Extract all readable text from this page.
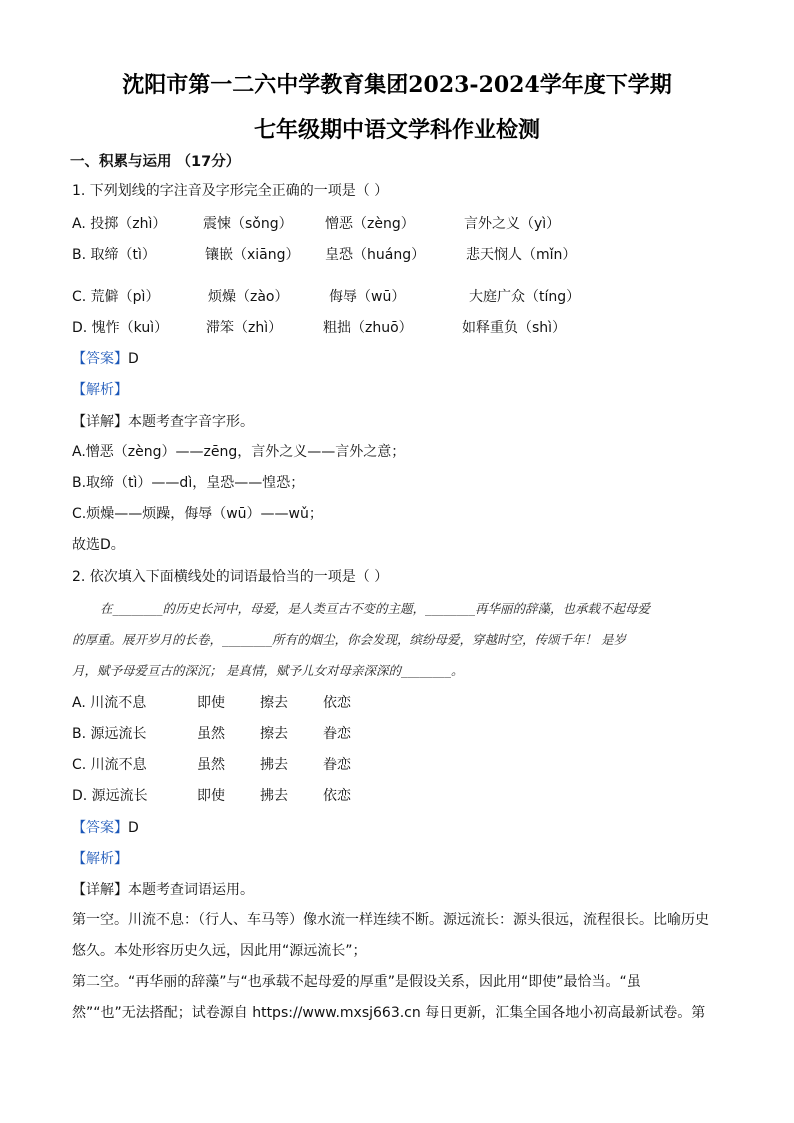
沈阳市第一二六中学教育集团2023-2024学年度下学期
七年级期中语文学科作业检测
一、积累与运用 （17分）
1. 下列划线的字注音及字形完全正确的一项是（ ）
A. 投掷（zhì）	震悚（sǒng） 憎恶（zèng）	言外之义（yì）
B. 取缔（tì）	镶嵌（xiāng） 皇恐（huáng）	悲天悯人（mǐn）
C. 荒僻（pì）	烦燥（zào）	侮辱（wū）	大庭广众（tíng）
D. 愧怍（kuì）	滞笨（zhì）	粗拙（zhuō）	如释重负（shì）
【答案】D
【解析】
【详解】本题考查字音字形。
A.憎恶（zèng）——zēng，言外之义——言外之意；
B.取缔（tì）——dì，皇恐——惶恐；
C.烦燥——烦躁，侮辱（wū）——wǔ；
故选D。
2. 依次填入下面横线处的词语最恰当的一项是（ ）
在________的历史长河中，母爱，是人类亘古不变的主题，________再华丽的辞藻，也承载不起母爱
的厚重。展开岁月的长卷，________所有的烟尘，你会发现，缤纷母爱，穿越时空，传颂千年！ 是岁
月，赋予母爱亘古的深沉； 是真情，赋予儿女对母亲深深的________。
A. 川流不息	即使	擦去	依恋
B. 源远流长	虽然	擦去	眷恋
C. 川流不息	虽然	拂去	眷恋
D. 源远流长	即使	拂去	依恋
【答案】D
【解析】
【详解】本题考查词语运用。
第一空。川流不息：（行人、车马等）像水流一样连续不断。源远流长：源头很远，流程很长。比喻历史
悠久。本处形容历史久远，因此用“源远流长”；
第二空。“再华丽的辞藻”与“也承载不起母爱的厚重”是假设关系，因此用“即使”最恰当。“虽
然”“也”无法搭配；试卷源自 https://www.mxsj663.cn 每日更新，汇集全国各地小初高最新试卷。第
